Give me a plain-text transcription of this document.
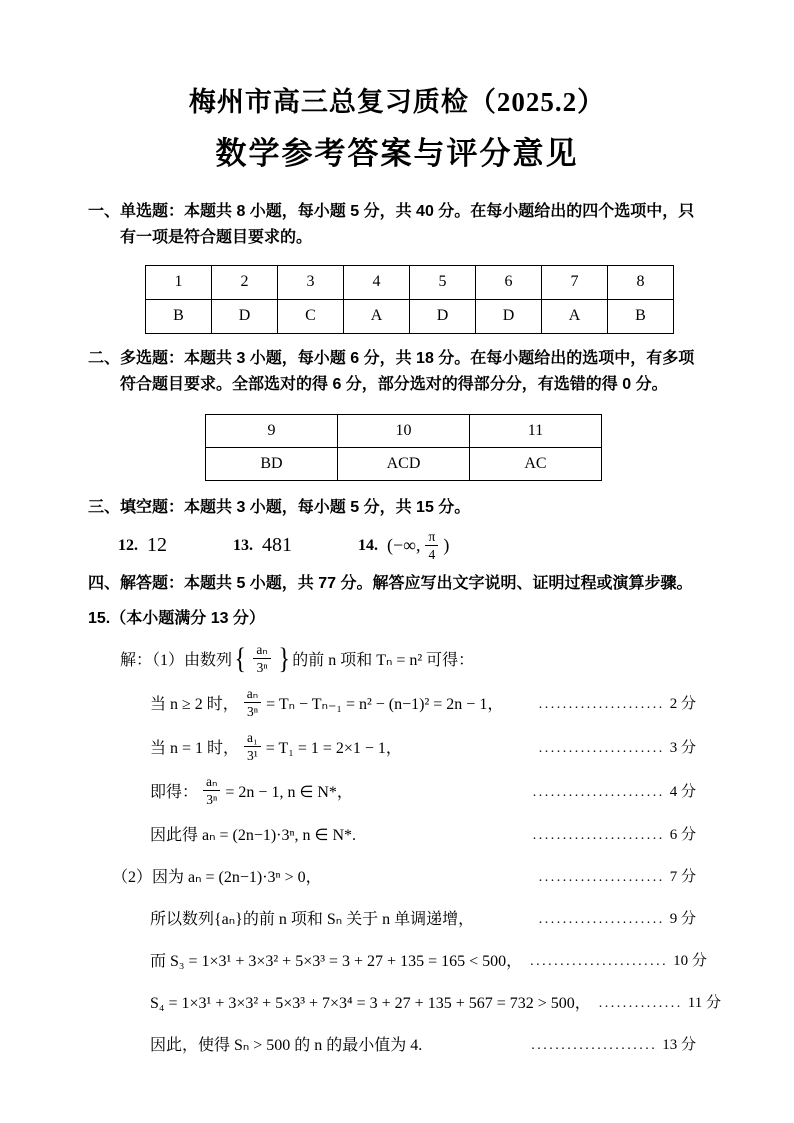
梅州市高三总复习质检（2025.2）
数学参考答案与评分意见
一、 单选题：本题共 8 小题，每小题 5 分，共 40 分。在每小题给出的四个选项中，只有一项是符合题目要求的。
1	2	3	4	5	6	7	8
B	D	C	A	D	D	A	B
二、 多选题：本题共 3 小题，每小题 6 分，共 18 分。在每小题给出的选项中，有多项符合题目要求。全部选对的得 6 分，部分选对的得部分分，有选错的得 0 分。
9	10	11
BD	ACD	AC
三、 填空题：本题共 3 小题，每小题 5 分，共 15 分。
12. 12	13. 481	14. (−∞, $\frac{\pi}{4}$ )
四、 解答题：本题共 5 小题，共 77 分。解答应写出文字说明、证明过程或演算步骤。
15.（本小题满分 13 分）
解：（1）由数列 { $\frac{\text{aₙ}}{\text{3ⁿ}}$ } 的前 n 项和 Tₙ = n² 可得：
当 n ≥ 2 时， $\frac{\text{aₙ}}{\text{3ⁿ}} = T_n - T_{n-1} = n^2 - (n-1)^2 = 2n - 1$，	..................... 2 分
当 n = 1 时， $\frac{\text{a₁}}{\text{3¹}} = T_1 = 1 = 2\times 1 - 1$，	..................... 3 分
即得： $\frac{\text{aₙ}}{\text{3ⁿ}} = 2n - 1$, n ∈ N*，	...................... 4 分
因此得 aₙ = (2n−1)·3ⁿ, n ∈ N*.	...................... 6 分
（2） 因为 aₙ = (2n−1)·3ⁿ > 0，	..................... 7 分
所以数列{aₙ}的前 n 项和 Sₙ 关于 n 单调递增，	..................... 9 分
而 S₃ = 1×3¹ + 3×3² + 5×3³ = 3 + 27 + 135 = 165 < 500， ....................... 10 分
S₄ = 1×3¹ + 3×3² + 5×3³ + 7×3⁴ = 3 + 27 + 135 + 567 = 732 > 500， .............. 11 分
因此，使得 Sₙ > 500 的 n 的最小值为 4.	..................... 13 分
